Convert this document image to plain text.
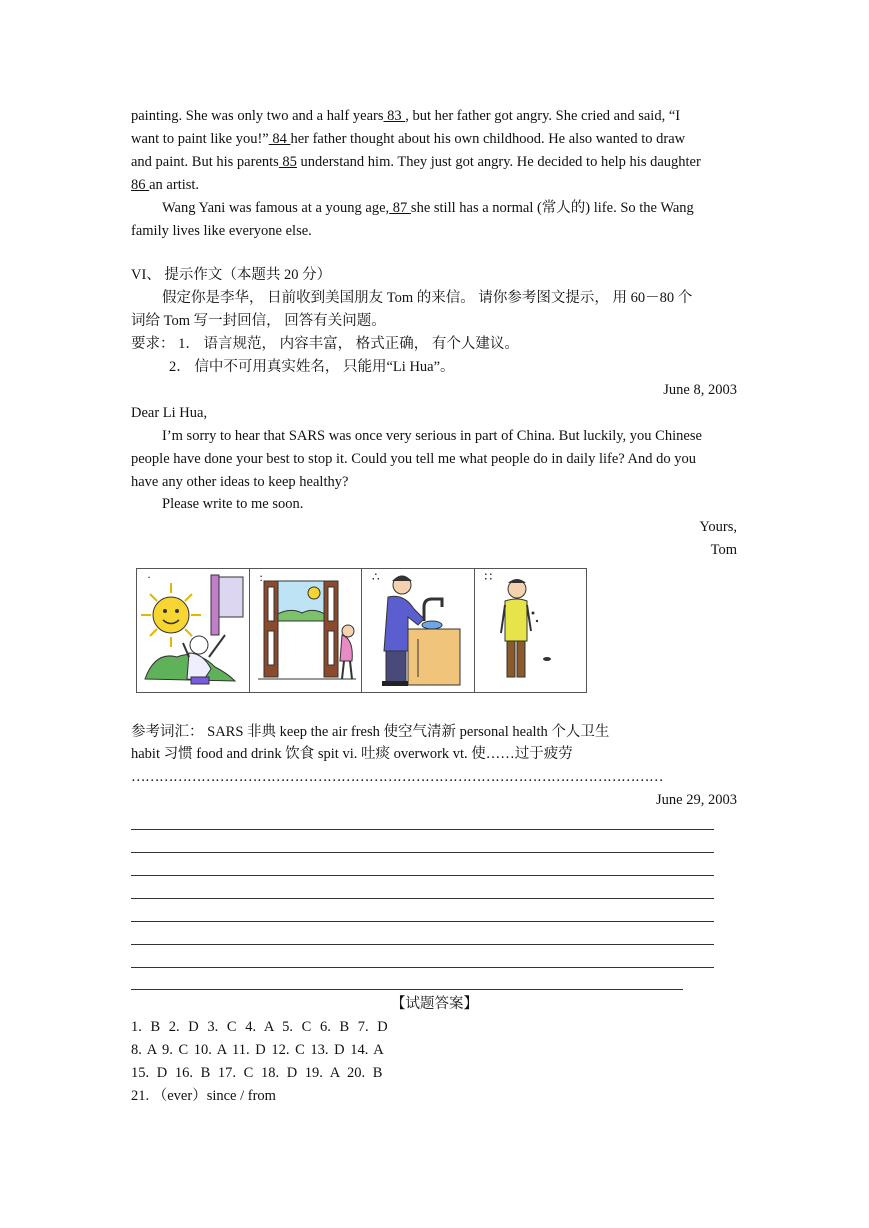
painting. She was only two and a half years 83 , but her father got angry. She cried and said, “I
want to paint like you!” 84 her father thought about his own childhood. He also wanted to draw
and paint. But his parents 85 understand him. They just got angry. He decided to help his daughter
86 an artist.
Wang Yani was famous at a young age, 87 she still has a normal (常人的) life. So the Wang
family lives like everyone else.
VI、 提示作文（本题共 20 分）
假定你是李华， 日前收到美国朋友 Tom 的来信。 请你参考图文提示， 用 60－80 个
词给 Tom 写一封回信， 回答有关问题。
要求： 1． 语言规范， 内容丰富， 格式正确， 有个人建议。
2． 信中不可用真实姓名， 只能用“Li Hua”。
June 8, 2003
Dear Li Hua,
I’m sorry to hear that SARS was once very serious in part of China. But luckily, you Chinese
people have done your best to stop it. Could you tell me what people do in daily life? And do you
have any other ideas to keep healthy?
Please write to me soon.
Yours,
Tom
·	:	∴	∷
参考词汇： SARS 非典 keep the air fresh 使空气清新 personal health 个人卫生
habit 习惯 food and drink 饮食 spit vi. 吐痰 overwork vt. 使……过于疲劳
……………………………………………………………………………………………………
June 29, 2003
【试题答案】
1. B 2. D 3. C 4. A 5. C 6. B 7. D
8. A 9. C 10. A 11. D 12. C 13. D 14. A
15. D 16. B 17. C 18. D 19. A 20. B
21. （ever）since / from
